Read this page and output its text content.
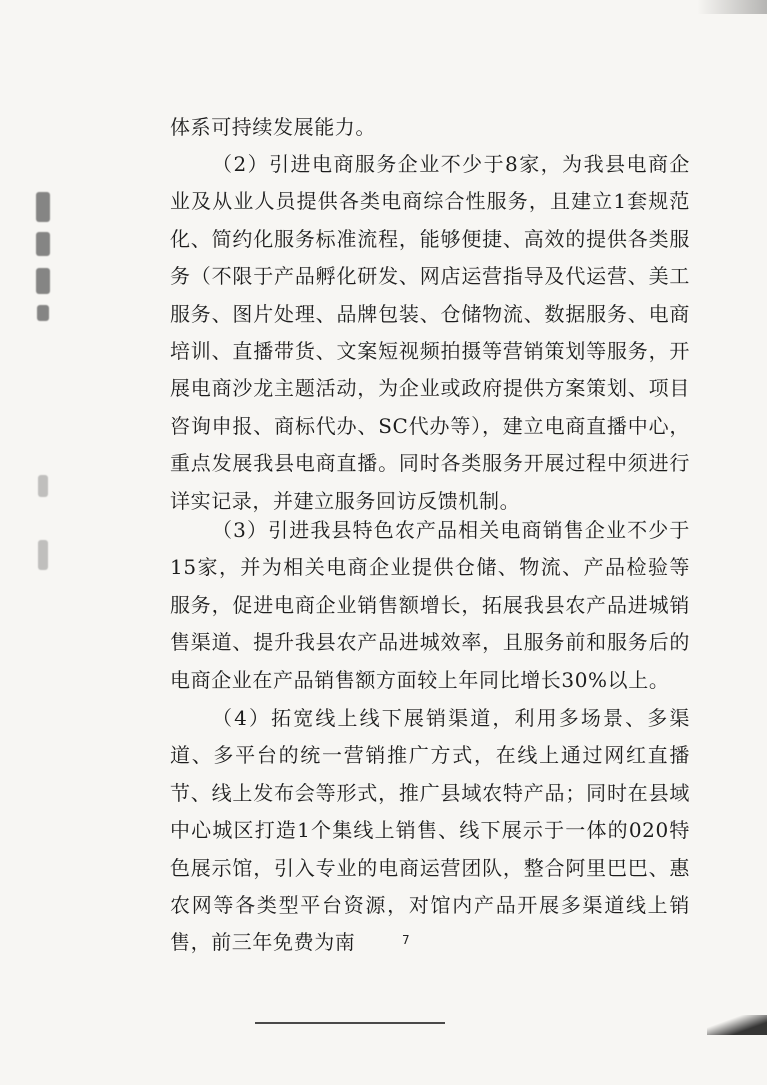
体系可持续发展能力。

（2）引进电商服务企业不少于8家，为我县电商企业及从业人员提供各类电商综合性服务，且建立1套规范化、简约化服务标准流程，能够便捷、高效的提供各类服务（不限于产品孵化研发、网店运营指导及代运营、美工服务、图片处理、品牌包装、仓储物流、数据服务、电商培训、直播带货、文案短视频拍摄等营销策划等服务，开展电商沙龙主题活动，为企业或政府提供方案策划、项目咨询申报、商标代办、SC代办等），建立电商直播中心，重点发展我县电商直播。同时各类服务开展过程中须进行详实记录，并建立服务回访反馈机制。

（3）引进我县特色农产品相关电商销售企业不少于15家，并为相关电商企业提供仓储、物流、产品检验等服务，促进电商企业销售额增长，拓展我县农产品进城销售渠道、提升我县农产品进城效率，且服务前和服务后的电商企业在产品销售额方面较上年同比增长30%以上。

（4）拓宽线上线下展销渠道，利用多场景、多渠道、多平台的统一营销推广方式，在线上通过网红直播节、线上发布会等形式，推广县域农特产品；同时在县域中心城区打造1个集线上销售、线下展示于一体的020特色展示馆，引入专业的电商运营团队，整合阿里巴巴、惠农网等各类型平台资源，对馆内产品开展多渠道线上销售，前三年免费为南	7
